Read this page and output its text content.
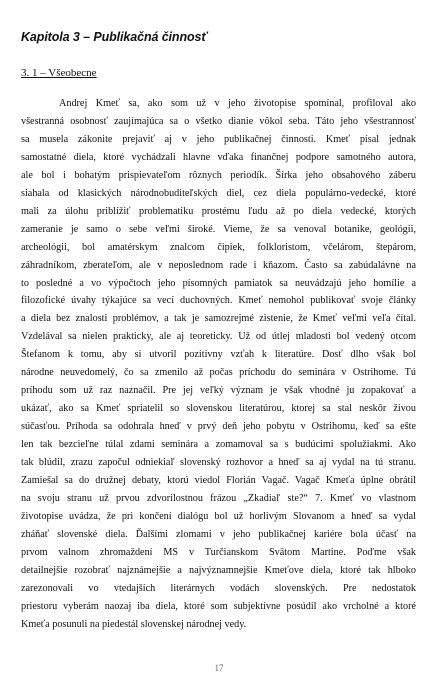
Kapitola 3 – Publikačná činnosť
3. 1 – Všeobecne
Andrej Kmeť sa, ako som už v jeho životopise spomínal, profiloval ako
všestranná osobnosť zaujímajúca sa o všetko dianie vôkol seba. Táto jeho všestrannosť
sa musela zákonite prejaviť aj v jeho publikačnej činnosti. Kmeť písal jednak
samostatné diela, ktoré vychádzali hlavne vďaka finančnej podpore samotného autora,
ale bol i bohatým prispievateľom rôznych periodík. Šírka jeho obsahového záberu
siahala od klasických národnobuditeľských diel, cez diela populárno-vedecké, ktoré
mali za úlohu priblížiť problematiku prostému ľudu až po diela vedecké, ktorých
zameranie je samo o sebe veľmi široké. Vieme, že sa venoval botanike, geológii,
archeológii, bol amatérskym znalcom čipiek, folkloristom, včelárom, štepárom,
záhradníkom, zberateľom, ale v neposlednom rade i kňazom. Často sa zabúdalávne na
to posledné a vo výpočtoch jeho písomných pamiatok sa neuvádzajú jeho homílie a
filozofické úvahy týkajúce sa vecí duchovných. Kmeť nemohol publikovať svoje články
a diela bez znalosti problémov, a tak je samozrejmé zistenie, že Kmeť veľmi veľa čítal.
Vzdelával sa nielen prakticky, ale aj teoreticky. Už od útlej mladosti bol vedený otcom
Štefanom k tomu, aby si utvoril pozitívny vzťah k literatúre. Dosť dlho však bol
národne neuvedomelý, čo sa zmenilo až počas príchodu do seminára v Ostrihome. Tú
príhodu som už raz naznačil. Pre jej veľký význam je však vhodné ju zopakovať a
ukázať, ako sa Kmeť spriatelil so slovenskou literatúrou, ktorej sa stal neskôr živou
súčasťou. Príhoda sa odohrala hneď v prvý deň jeho pobytu v Ostrihomu, keď sa ešte
len tak bezcieľne túlal zdami seminára a zomamoval sa s budúcimi spolužiakmi. Ako
tak blúdil, zrazu započul odniekiaľ slovenský rozhovor a hneď sa aj vydal na tú stranu.
Zamiešal sa do družnej debaty, ktorú viedol Florián Vagač. Vagač Kmeťa úplne obrátil
na svoju stranu už prvou zdvorilostnou frázou „Zkadiaľ ste?“ 7. Kmeť vo vlastnom
životopise uvádza, že pri končení dialógu bol už horlivým Slovanom a hneď sa vydal
zháňať slovenské diela. Ďalšími zlomami v jeho publikačnej kariére bola účasť na
prvom valnom zhromaždení MS v Turčianskom Svätom Martine. Poďme však
detailnejšie rozobrať najznámejšie a najvýznamnejšie Kmeťove diela, ktoré tak hlboko
zarezonovali vo vtedajších literárnych vodách slovenských. Pre nedostatok
priestoru vyberám naozaj iba diela, ktoré som subjektívne posúdil ako vrcholné a ktoré
Kmeťa posunuli na piedestál slovenskej národnej vedy.
17
